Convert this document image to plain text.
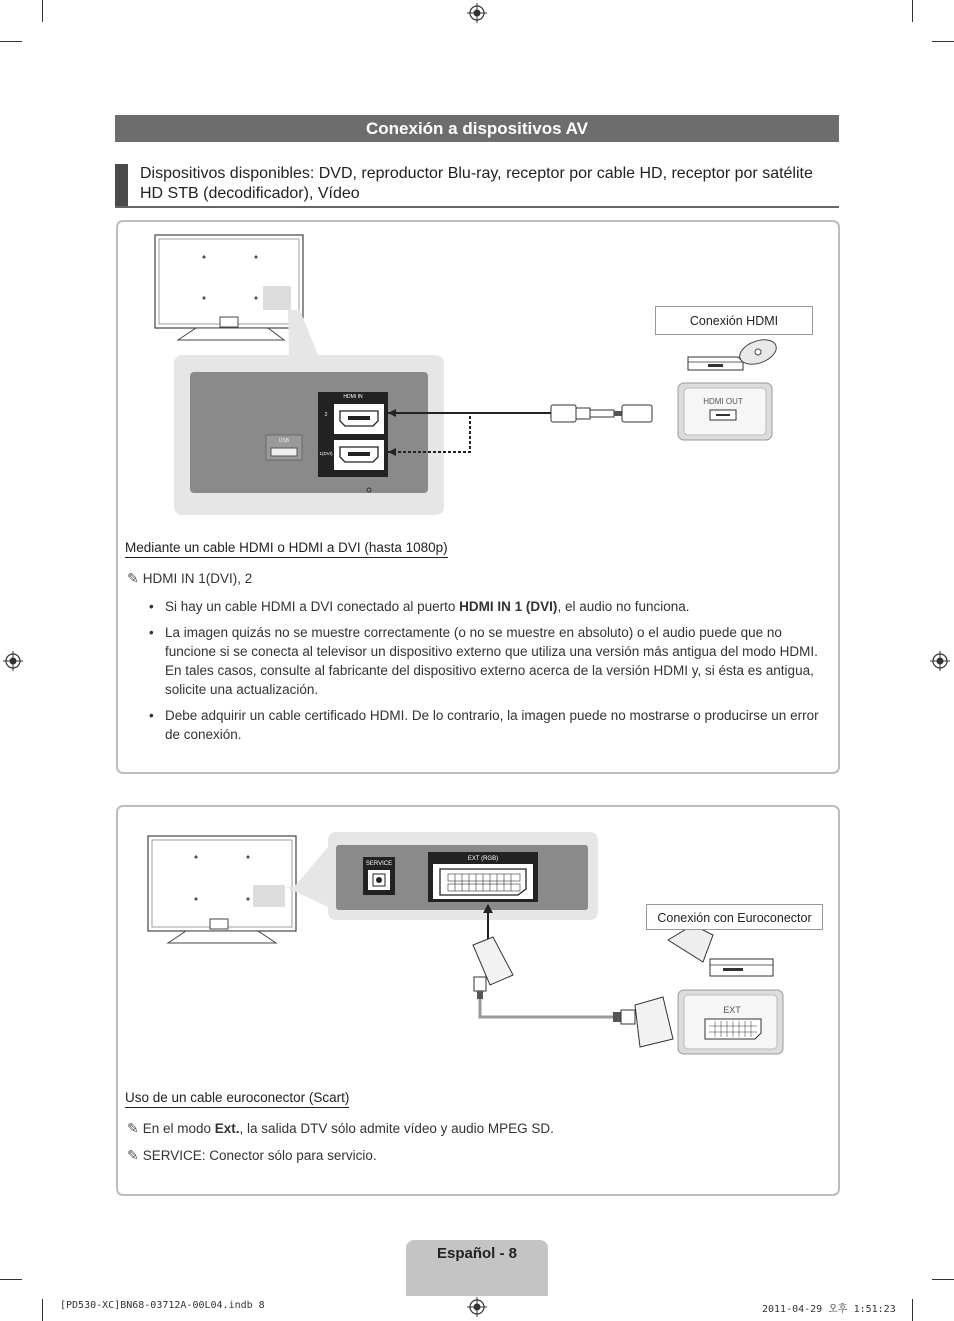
Conexión a dispositivos AV
Dispositivos disponibles: DVD, reproductor Blu-ray, receptor por cable HD, receptor por satélite HD STB (decodificador), Vídeo
USB
HDMI IN
2
1(DVI)
HDMI OUT
Conexión HDMI
Mediante un cable HDMI o HDMI a DVI (hasta 1080p)
✎ HDMI IN 1(DVI), 2
• Si hay un cable HDMI a DVI conectado al puerto HDMI IN 1 (DVI), el audio no funciona.
• La imagen quizás no se muestre correctamente (o no se muestre en absoluto) o el audio puede que no funcione si se conecta al televisor un dispositivo externo que utiliza una versión más antigua del modo HDMI. En tales casos, consulte al fabricante del dispositivo externo acerca de la versión HDMI y, si ésta es antigua, solicite una actualización.
• Debe adquirir un cable certificado HDMI. De lo contrario, la imagen puede no mostrarse o producirse un error de conexión.
SERVICE
EXT (RGB)
EXT
Conexión con Euroconector
Uso de un cable euroconector (Scart)
✎ En el modo Ext., la salida DTV sólo admite vídeo y audio MPEG SD.
✎ SERVICE: Conector sólo para servicio.
Español - 8
[PD530-XC]BN68-03712A-00L04.indb 8	2011-04-29 오후 1:51:23
